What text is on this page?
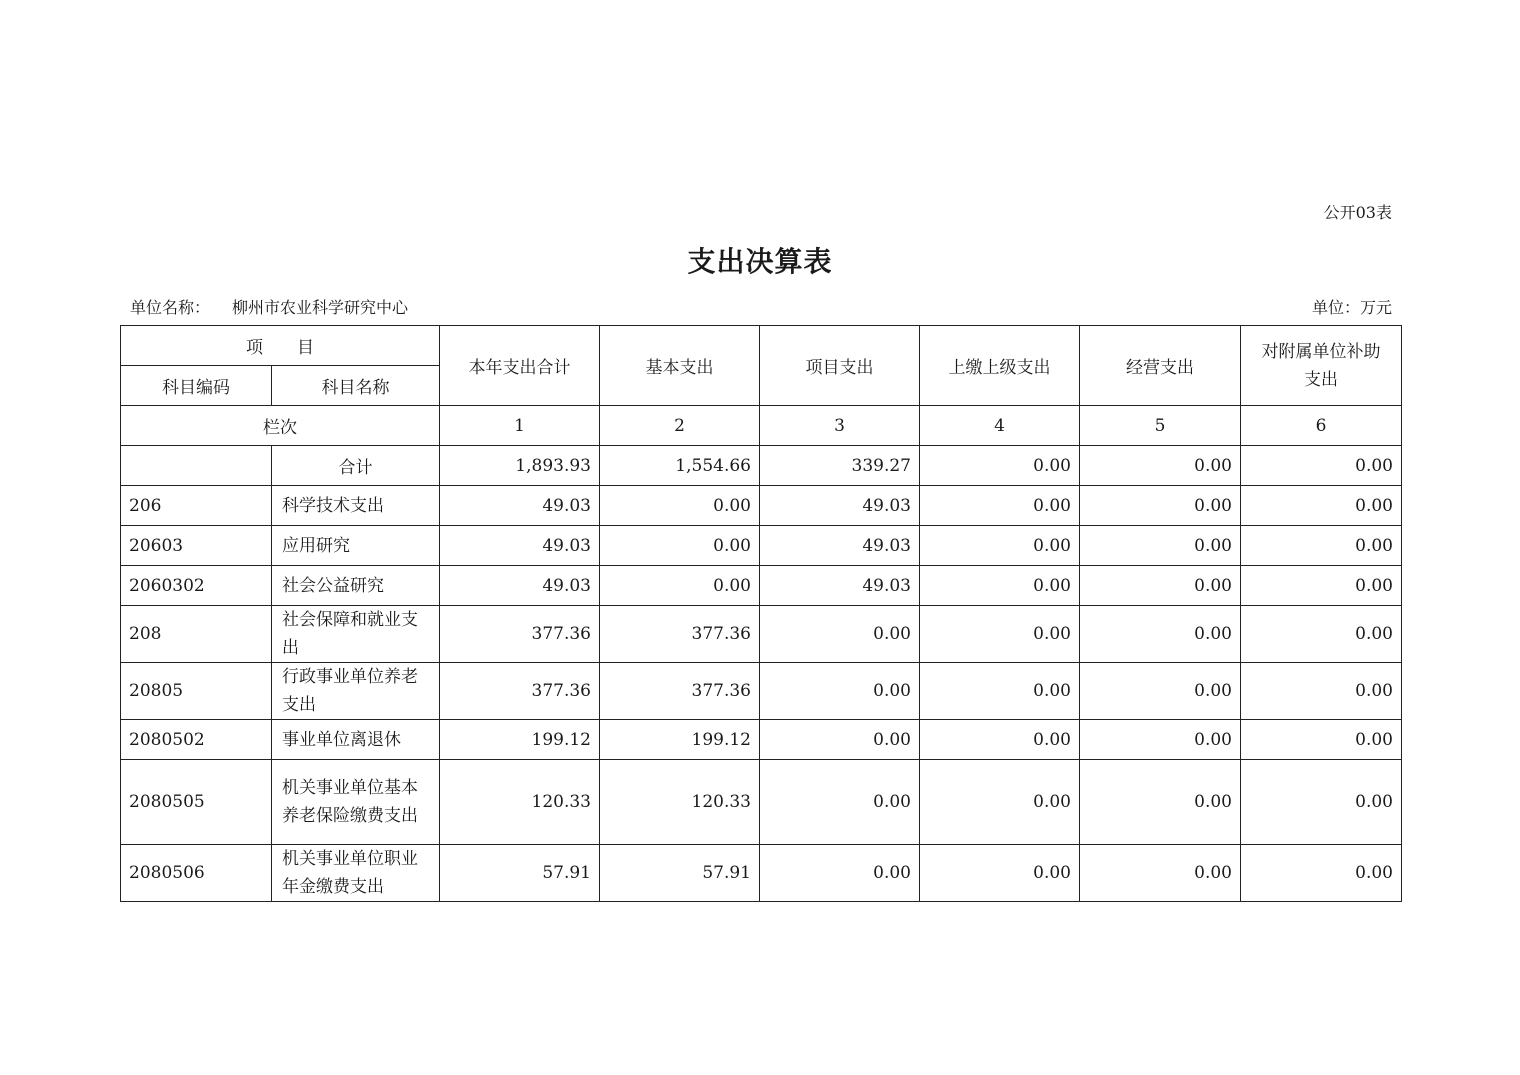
公开03表
支出决算表
单位名称： 柳州市农业科学研究中心	单位：万元
项　　目		本年支出合计	基本支出	项目支出	上缴上级支出	经营支出	对附属单位补助支出
科目编码	科目名称						
栏次		1	2	3	4	5	6
	合计	1,893.93	1,554.66	339.27	0.00	0.00	0.00
206	科学技术支出	49.03	0.00	49.03	0.00	0.00	0.00
20603	应用研究	49.03	0.00	49.03	0.00	0.00	0.00
2060302	社会公益研究	49.03	0.00	49.03	0.00	0.00	0.00
208	社会保障和就业支出	377.36	377.36	0.00	0.00	0.00	0.00
20805	行政事业单位养老支出	377.36	377.36	0.00	0.00	0.00	0.00
2080502	事业单位离退休	199.12	199.12	0.00	0.00	0.00	0.00
2080505	机关事业单位基本养老保险缴费支出	120.33	120.33	0.00	0.00	0.00	0.00
2080506	机关事业单位职业年金缴费支出	57.91	57.91	0.00	0.00	0.00	0.00
